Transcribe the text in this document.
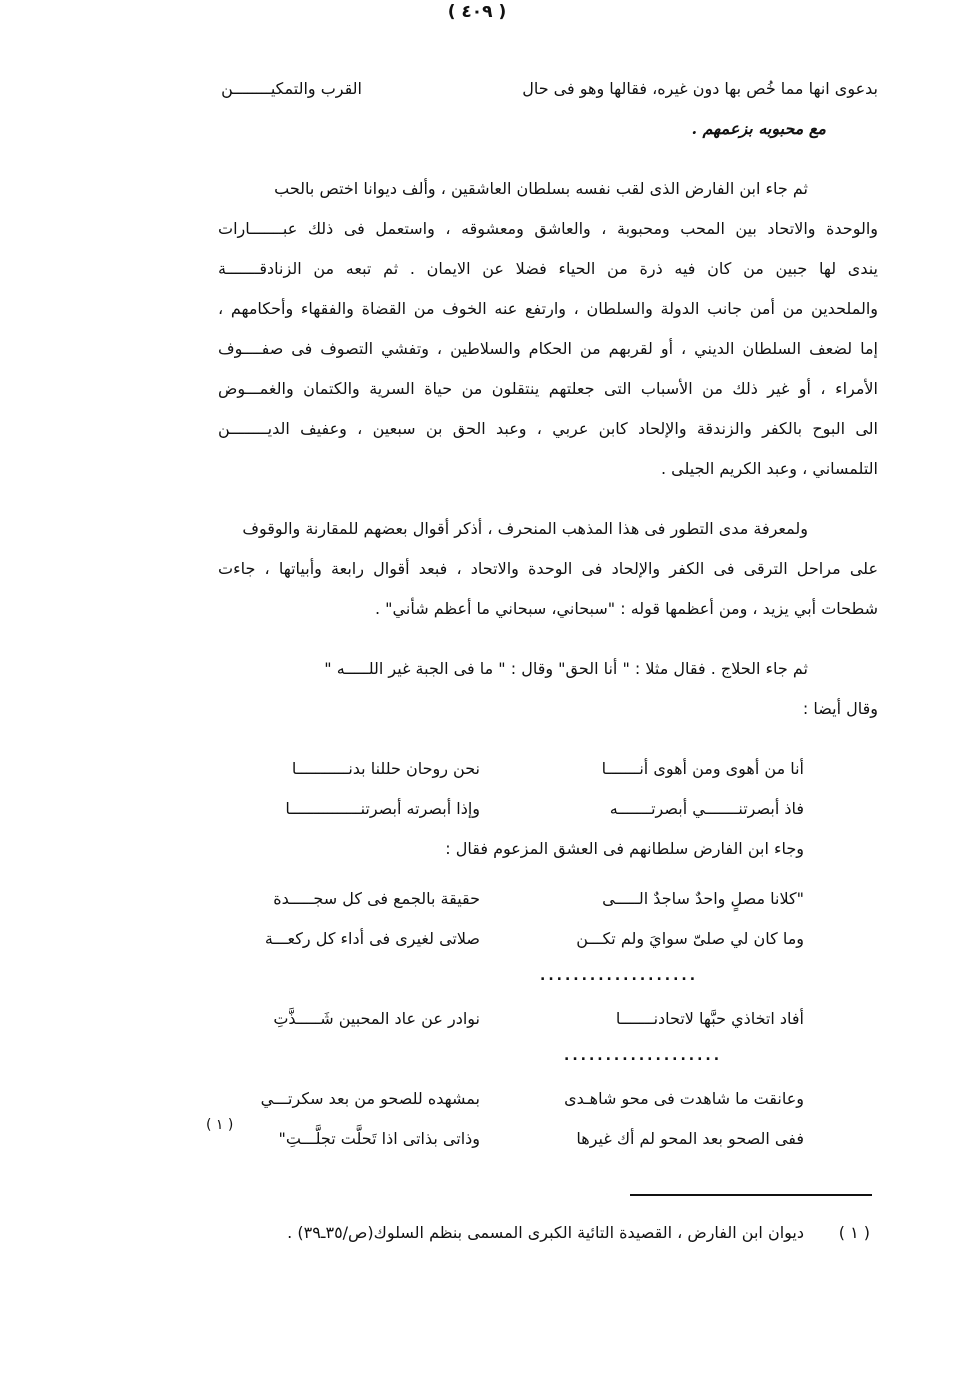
( ٤٠٩ )
بدعوى انها مما خُص بها دون غيره، فقالها وهو فى حال
القرب والتمكيــــــــن
مع محبوبه بزعمهم .
ثم جاء ابن الفارض الذى لقب نفسه بسلطان العاشقين ، وألف ديوانا اختص بالحب
والوحدة والاتحاد بين المحب ومحبوبة ، والعاشق ومعشوقه ، واستعمل فى ذلك عبـــــــارات
يندى لها جبين من كان فيه ذرة من الحياء فضلا عن الايمان . ثم تبعه من الزنادقـــــــة
والملحدين من أمن جانب الدولة والسلطان ، وارتفع عنه الخوف من القضاة والفقهاء وأحكامهم ،
إما لضعف السلطان الديني ، أو لقربهم من الحكام والسلاطين ، وتفشي التصوف فى صفــــوف
الأمراء ، أو غير ذلك من الأسباب التى جعلتهم ينتقلون من حياة السرية والكتمان والغمـــوض
الى البوح بالكفر والزندقة والإلحاد كابن عربي ، وعبد الحق بن سبعين ، وعفيف الديــــــــن
التلمساني ، وعبد الكريم الجيلى .
ولمعرفة مدى التطور فى هذا المذهب المنحرف ، أذكر أقوال بعضهم للمقارنة والوقوف
على مراحل الترقى فى الكفر والإلحاد فى الوحدة والاتحاد ، فبعد أقوال رابعة وأبياتها ، جاءت
شطحات أبي يزيد ، ومن أعظمها قوله : "سبحاني، سبحاني ما أعظم شأني" .
ثم جاء الحلاج . فقال مثلا : " أنا الحق" وقال : " ما فى الجبة غير اللـــــه "
وقال أيضا :
أنا من أهوى ومن أهوى أنـــــــا
نحن روحان حللنا بدنـــــــــــا
فاذ أبصرتنـــــــي أبصرتـــــــه
وإذا أبصرته أبصرتنـــــــــــــــا
وجاء ابن الفارض سلطانهم فى العشق المزعوم فقال :
"كلانا مصلٍ واحدٌ ساجدٌ الـــــى
حقيقة بالجمع فى كل سجـــــدة
وما كان لي صلىّ سوايَ ولم تكـــن
صلاتى لغيرى فى أداء كل ركعـــة
...................
أفاد اتخاذي حبَّها لاتحادنـــــــا
نوادر عن عاد المحبين شَـــــذَّتِ
...................
وعانقت ما شاهدت فى محو شاهـدى
بمشهده للصحو من بعد سكرتـــي
ففى الصحو بعد المحو لم أك غيرها
وذاتى بذاتى اذا تَحلَّت تجلَّـــتِ"
( ١ )
( ١ )
ديوان ابن الفارض ، القصيدة التائية الكبرى المسمى بنظم السلوك(ص/٣٥ـ٣٩) .
